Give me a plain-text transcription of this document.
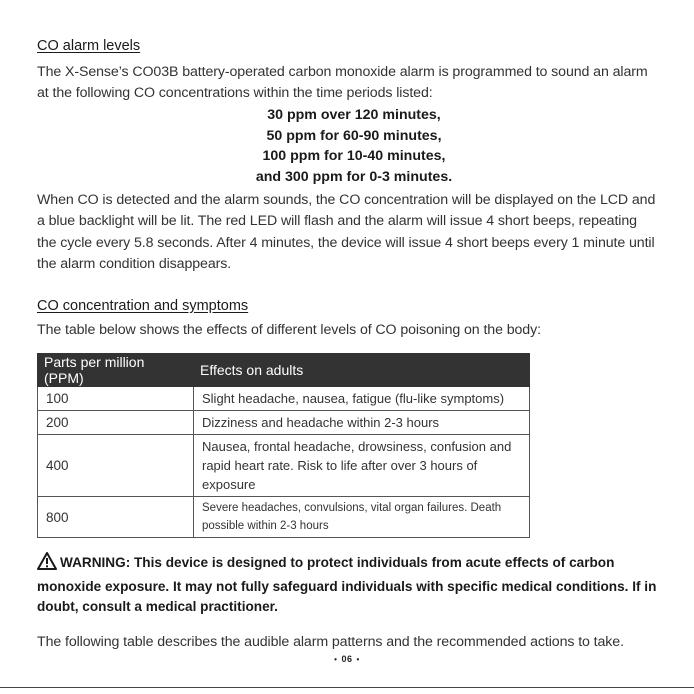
CO alarm levels

The X-Sense’s CO03B battery-operated carbon monoxide alarm is programmed to sound an alarm at the following CO concentrations within the time periods listed:

30 ppm over 120 minutes,
50 ppm for 60-90 minutes,
100 ppm for 10-40 minutes,
and 300 ppm for 0-3 minutes.

When CO is detected and the alarm sounds, the CO concentration will be displayed on the LCD and a blue backlight will be lit. The red LED will flash and the alarm will issue 4 short beeps, repeating the cycle every 5.8 seconds. After 4 minutes, the device will issue 4 short beeps every 1 minute until the alarm condition disappears.

CO concentration and symptoms

The table below shows the effects of different levels of CO poisoning on the body:

Parts per million (PPM)	Effects on adults
100	Slight headache, nausea, fatigue (flu-like symptoms)
200	Dizziness and headache within 2-3 hours
400	Nausea, frontal headache, drowsiness, confusion and rapid heart rate. Risk to life after over 3 hours of exposure
800	Severe headaches, convulsions, vital organ failures. Death possible within 2-3 hours
WARNING: This device is designed to protect individuals from acute effects of carbon monoxide exposure. It may not fully safeguard individuals with specific medical conditions. If in doubt, consult a medical practitioner.

The following table describes the audible alarm patterns and the recommended actions to take.

• 06 •
